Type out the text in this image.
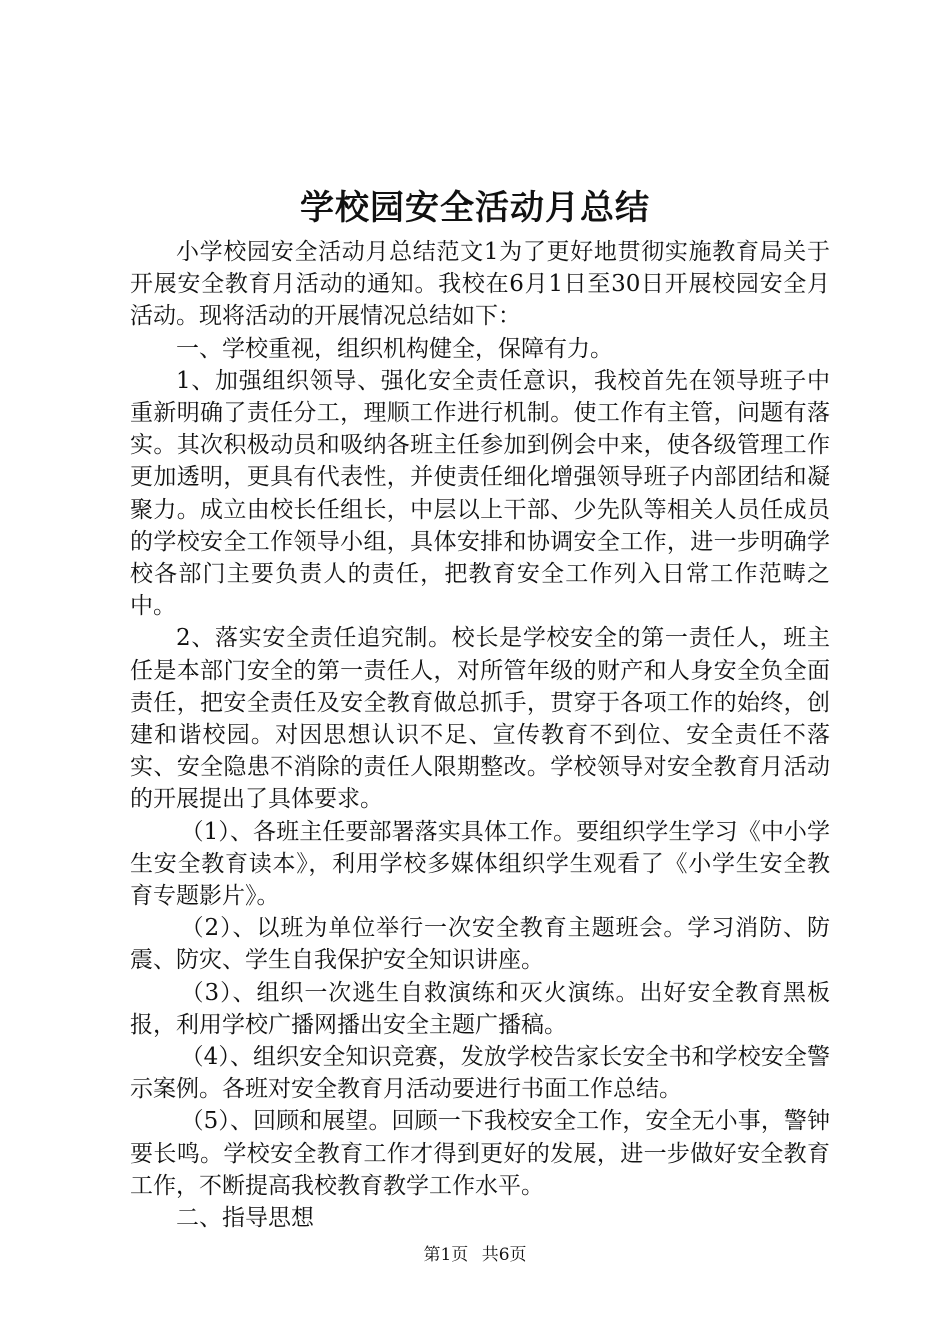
学校园安全活动月总结

小学校园安全活动月总结范文1为了更好地贯彻实施教育局关于开展安全教育月活动的通知。我校在6月1日至30日开展校园安全月活动。现将活动的开展情况总结如下：

一、学校重视，组织机构健全，保障有力。

1、加强组织领导、强化安全责任意识，我校首先在领导班子中重新明确了责任分工，理顺工作进行机制。使工作有主管，问题有落实。其次积极动员和吸纳各班主任参加到例会中来，使各级管理工作更加透明，更具有代表性，并使责任细化增强领导班子内部团结和凝聚力。成立由校长任组长，中层以上干部、少先队等相关人员任成员的学校安全工作领导小组，具体安排和协调安全工作，进一步明确学校各部门主要负责人的责任，把教育安全工作列入日常工作范畴之中。

2、落实安全责任追究制。校长是学校安全的第一责任人，班主任是本部门安全的第一责任人，对所管年级的财产和人身安全负全面责任，把安全责任及安全教育做总抓手，贯穿于各项工作的始终，创建和谐校园。对因思想认识不足、宣传教育不到位、安全责任不落实、安全隐患不消除的责任人限期整改。学校领导对安全教育月活动的开展提出了具体要求。

（1）、各班主任要部署落实具体工作。要组织学生学习《中小学生安全教育读本》，利用学校多媒体组织学生观看了《小学生安全教育专题影片》。

（2）、以班为单位举行一次安全教育主题班会。学习消防、防震、防灾、学生自我保护安全知识讲座。

（3）、组织一次逃生自救演练和灭火演练。出好安全教育黑板报，利用学校广播网播出安全主题广播稿。

（4）、组织安全知识竞赛，发放学校告家长安全书和学校安全警示案例。各班对安全教育月活动要进行书面工作总结。

（5）、回顾和展望。回顾一下我校安全工作，安全无小事，警钟要长鸣。学校安全教育工作才得到更好的发展，进一步做好安全教育工作，不断提高我校教育教学工作水平。

二、指导思想

第1页 共6页
